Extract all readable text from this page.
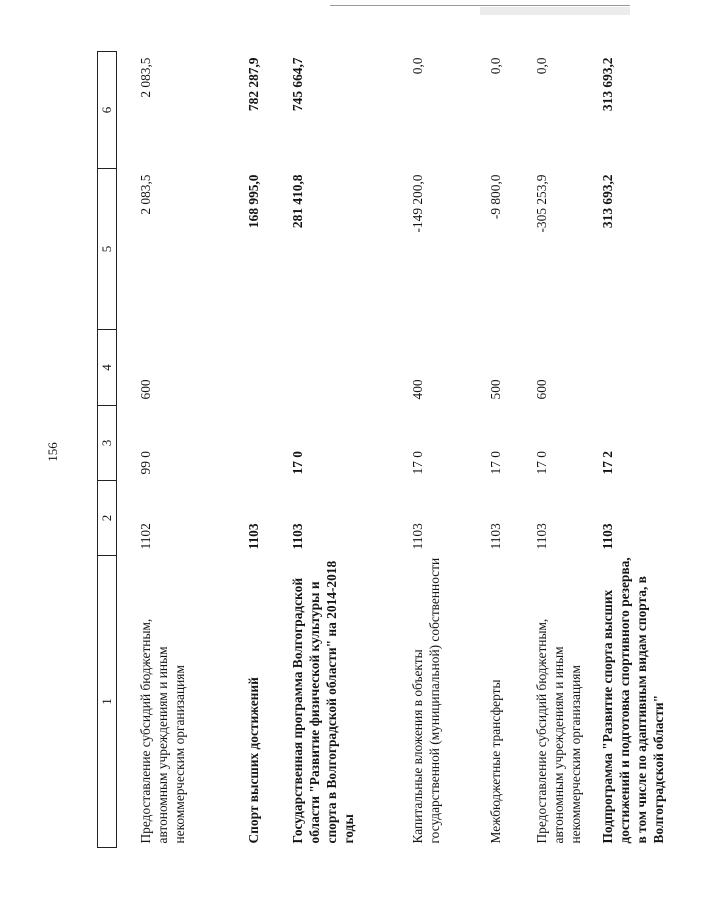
156
1	2	3	4	5	6
Предоставление субсидий бюджетным, автономным учреждениям и иным некоммерческим организациям	1102	99 0	600	2 083,5	2 083,5
Спорт высших достижений	1103			168 995,0	782 287,9
Государственная программа Волгоградской области "Развитие физической культуры и спорта в Волгоградской области" на 2014-2018 годы	1103	17 0		281 410,8	745 664,7
Капитальные вложения в объекты государственной (муниципальной) собственности	1103	17 0	400	-149 200,0	0,0
Межбюджетные трансферты	1103	17 0	500	-9 800,0	0,0
Предоставление субсидий бюджетным, автономным учреждениям и иным некоммерческим организациям	1103	17 0	600	-305 253,9	0,0
Подпрограмма "Развитие спорта высших достижений и подготовка спортивного резерва, в том числе по адаптивным видам спорта, в Волгоградской области"	1103	17 2		313 693,2	313 693,2
